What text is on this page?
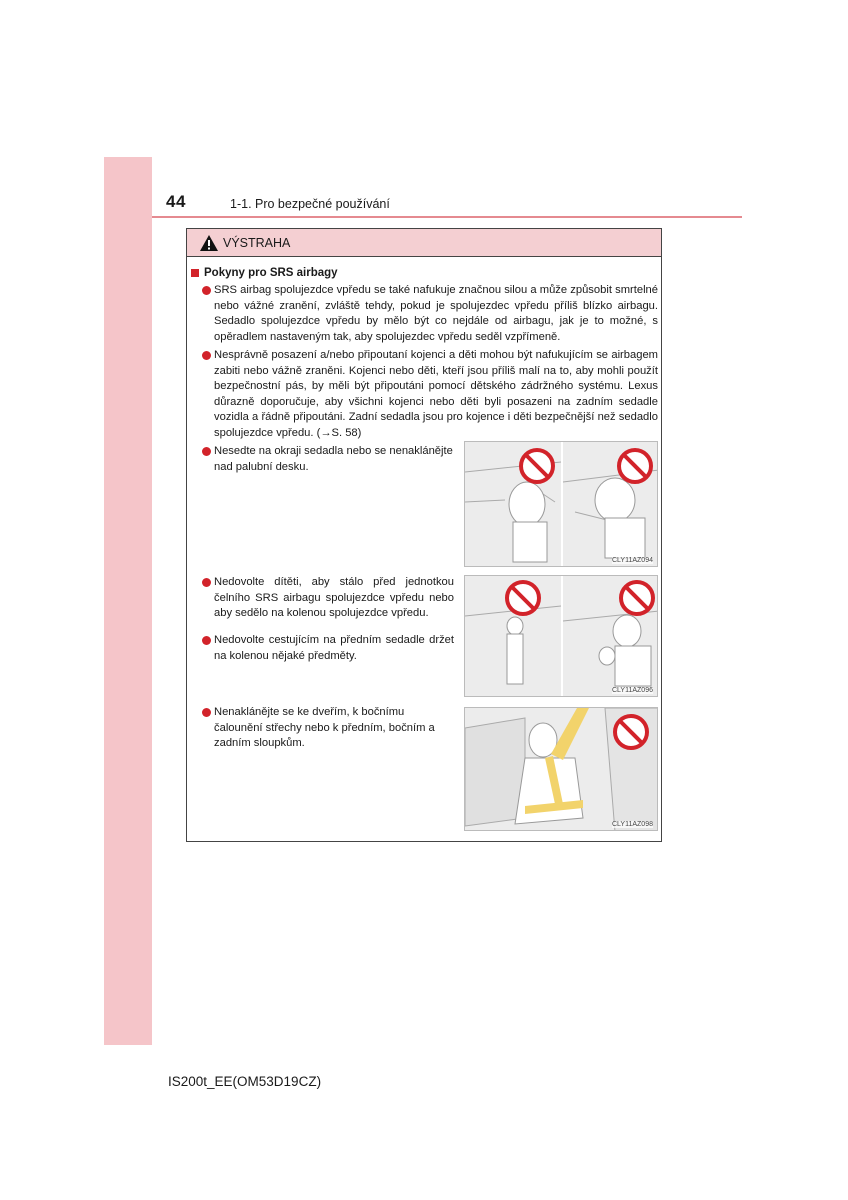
44	1-1. Pro bezpečné používání
VÝSTRAHA
Pokyny pro SRS airbagy
SRS airbag spolujezdce vpředu se také nafukuje značnou silou a může způsobit smrtelné nebo vážné zranění, zvláště tehdy, pokud je spolujezdec vpředu příliš blízko airbagu. Sedadlo spolujezdce vpředu by mělo být co nejdále od airbagu, jak je to možné, s opěradlem nastaveným tak, aby spolujezdec vpředu seděl vzpřímeně.
Nesprávně posazení a/nebo připoutaní kojenci a děti mohou být nafukujícím se airbagem zabiti nebo vážně zraněni. Kojenci nebo děti, kteří jsou příliš malí na to, aby mohli použít bezpečnostní pás, by měli být připoutáni pomocí dětského zádržného systému. Lexus důrazně doporučuje, aby všichni kojenci nebo děti byli posazeni na zadním sedadle vozidla a řádně připoutáni. Zadní sedadla jsou pro kojence i děti bezpečnější než sedadlo spolujezdce vpředu. (→S. 58)
Nesedte na okraji sedadla nebo se nenaklánějte nad palubní desku.
Nedovolte dítěti, aby stálo před jednotkou čelního SRS airbagu spolujezdce vpředu nebo aby sedělo na kolenou spolujezdce vpředu.
Nedovolte cestujícím na předním sedadle držet na kolenou nějaké předměty.
Nenaklánějte se ke dveřím, k bočnímu čalounění střechy nebo k předním, bočním a zadním sloupkům.
CLY11AZ094
CLY11AZ096
CLY11AZ098
IS200t_EE(OM53D19CZ)
